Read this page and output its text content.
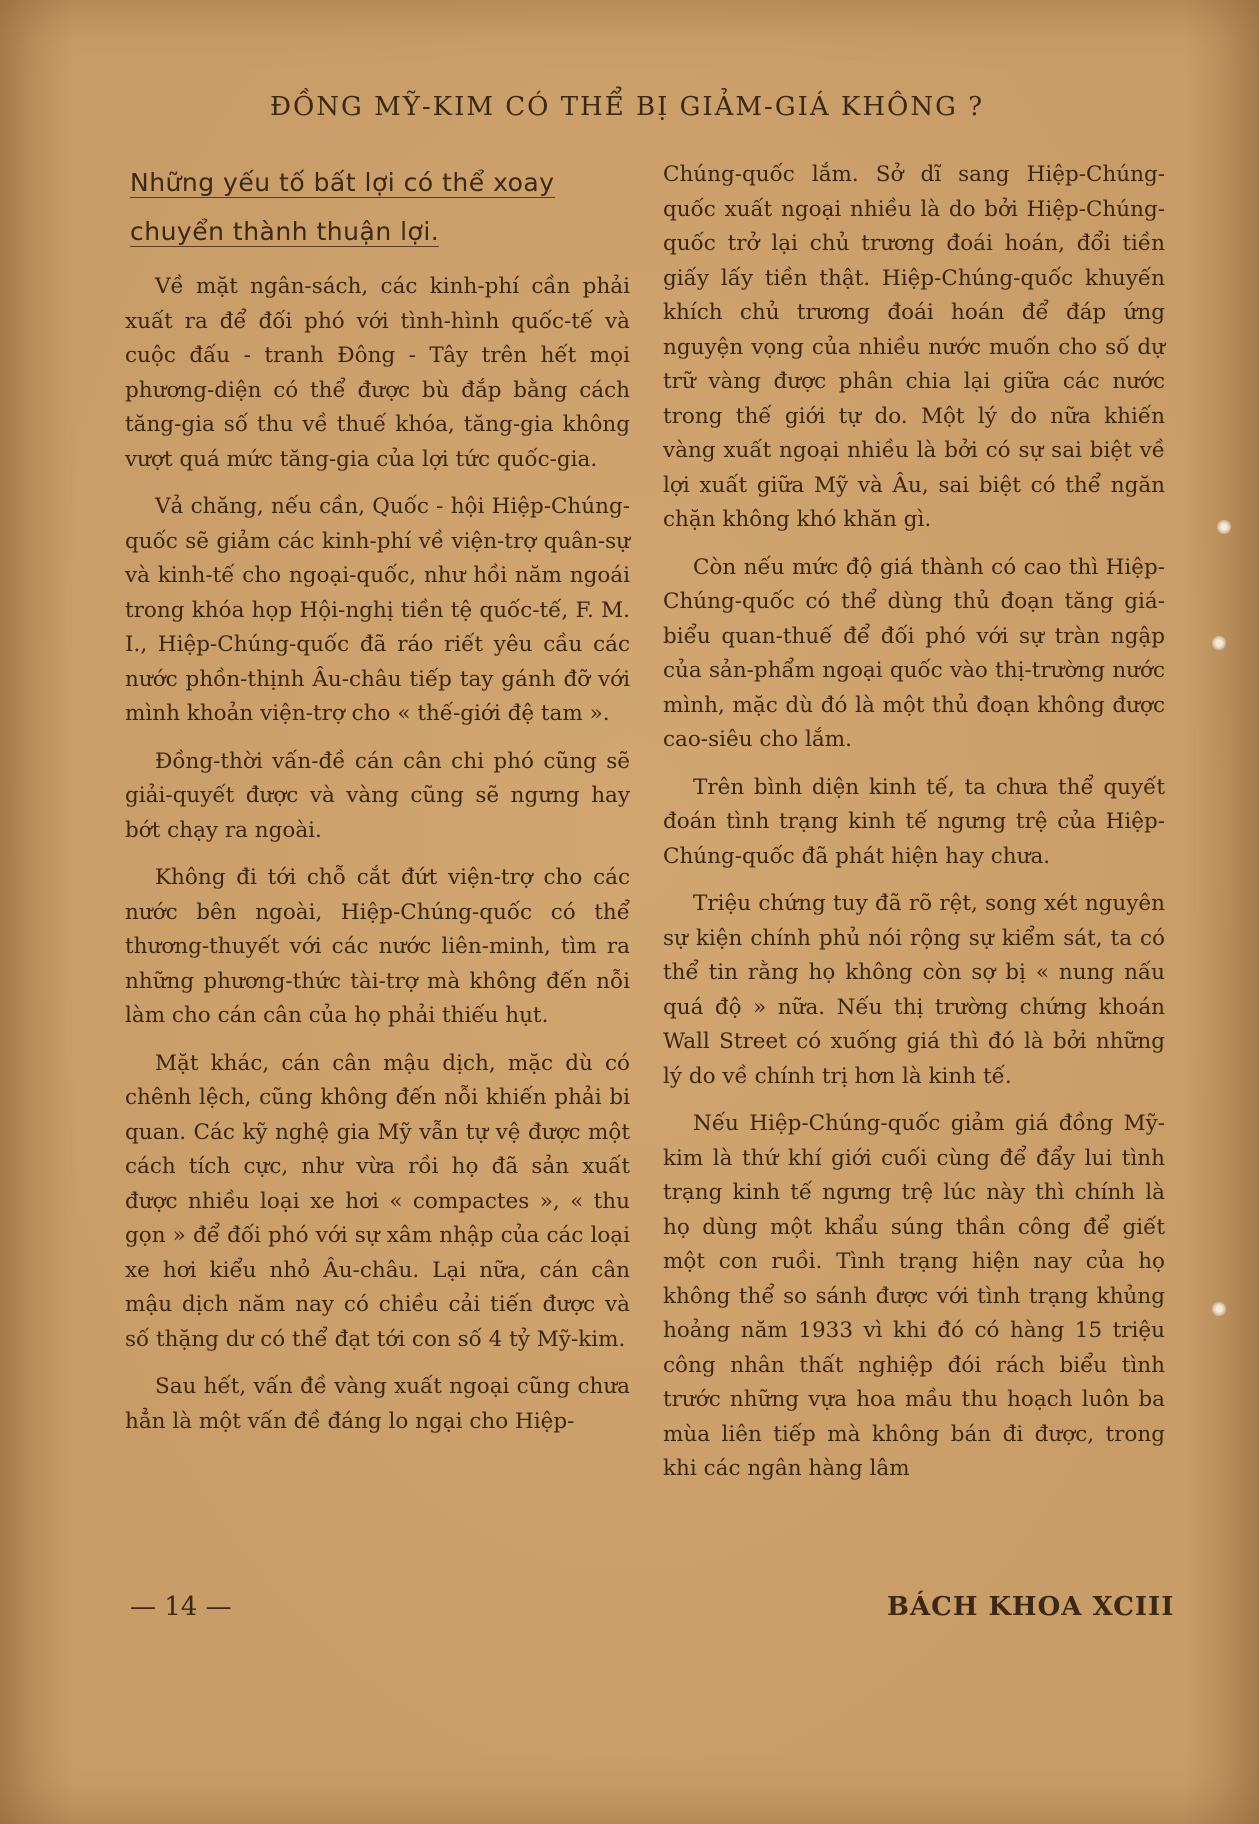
ĐỒNG MỸ-KIM CÓ THỂ BỊ GIẢM-GIÁ KHÔNG ?
Những yếu tố bất lợi có thể xoay
chuyển thành thuận lợi.

Về mặt ngân-sách, các kinh-phí cần phải xuất ra để đối phó với tình-hình quốc-tế và cuộc đấu - tranh Đông - Tây trên hết mọi phương-diện có thể được bù đắp bằng cách tăng-gia số thu về thuế khóa, tăng-gia không vượt quá mức tăng-gia của lợi tức quốc-gia.

Vả chăng, nếu cần, Quốc - hội Hiệp-Chúng-quốc sẽ giảm các kinh-phí về viện-trợ quân-sự và kinh-tế cho ngoại-quốc, như hồi năm ngoái trong khóa họp Hội-nghị tiền tệ quốc-tế, F. M. I., Hiệp-Chúng-quốc đã ráo riết yêu cầu các nước phồn-thịnh Âu-châu tiếp tay gánh đỡ với mình khoản viện-trợ cho « thế-giới đệ tam ».

Đồng-thời vấn-đề cán cân chi phó cũng sẽ giải-quyết được và vàng cũng sẽ ngưng hay bớt chạy ra ngoài.

Không đi tới chỗ cắt đứt viện-trợ cho các nước bên ngoài, Hiệp-Chúng-quốc có thể thương-thuyết với các nước liên-minh, tìm ra những phương-thức tài-trợ mà không đến nỗi làm cho cán cân của họ phải thiếu hụt.

Mặt khác, cán cân mậu dịch, mặc dù có chênh lệch, cũng không đến nỗi khiến phải bi quan. Các kỹ nghệ gia Mỹ vẫn tự vệ được một cách tích cực, như vừa rồi họ đã sản xuất được nhiều loại xe hơi « compactes », « thu gọn » để đối phó với sự xâm nhập của các loại xe hơi kiểu nhỏ Âu-châu. Lại nữa, cán cân mậu dịch năm nay có chiều cải tiến được và số thặng dư có thể đạt tới con số 4 tỷ Mỹ-kim.

Sau hết, vấn đề vàng xuất ngoại cũng chưa hẳn là một vấn đề đáng lo ngại cho Hiệp-

Chúng-quốc lắm. Sở dĩ sang Hiệp-Chúng-quốc xuất ngoại nhiều là do bởi Hiệp-Chúng-quốc trở lại chủ trương đoái hoán, đổi tiền giấy lấy tiền thật. Hiệp-Chúng-quốc khuyến khích chủ trương đoái hoán để đáp ứng nguyện vọng của nhiều nước muốn cho số dự trữ vàng được phân chia lại giữa các nước trong thế giới tự do. Một lý do nữa khiến vàng xuất ngoại nhiều là bởi có sự sai biệt về lợi xuất giữa Mỹ và Âu, sai biệt có thể ngăn chặn không khó khăn gì.

Còn nếu mức độ giá thành có cao thì Hiệp-Chúng-quốc có thể dùng thủ đoạn tăng giá-biểu quan-thuế để đối phó với sự tràn ngập của sản-phẩm ngoại quốc vào thị-trường nước mình, mặc dù đó là một thủ đoạn không được cao-siêu cho lắm.

Trên bình diện kinh tế, ta chưa thể quyết đoán tình trạng kinh tế ngưng trệ của Hiệp-Chúng-quốc đã phát hiện hay chưa.

Triệu chứng tuy đã rõ rệt, song xét nguyên sự kiện chính phủ nói rộng sự kiểm sát, ta có thể tin rằng họ không còn sợ bị « nung nấu quá độ » nữa. Nếu thị trường chứng khoán Wall Street có xuống giá thì đó là bởi những lý do về chính trị hơn là kinh tế.

Nếu Hiệp-Chúng-quốc giảm giá đồng Mỹ-kim là thứ khí giới cuối cùng để đẩy lui tình trạng kinh tế ngưng trệ lúc này thì chính là họ dùng một khẩu súng thần công để giết một con ruồi. Tình trạng hiện nay của họ không thể so sánh được với tình trạng khủng hoảng năm 1933 vì khi đó có hàng 15 triệu công nhân thất nghiệp đói rách biểu tình trước những vựa hoa mầu thu hoạch luôn ba mùa liên tiếp mà không bán đi được, trong khi các ngân hàng lâm

— 14 —	BÁCH KHOA XCIII
